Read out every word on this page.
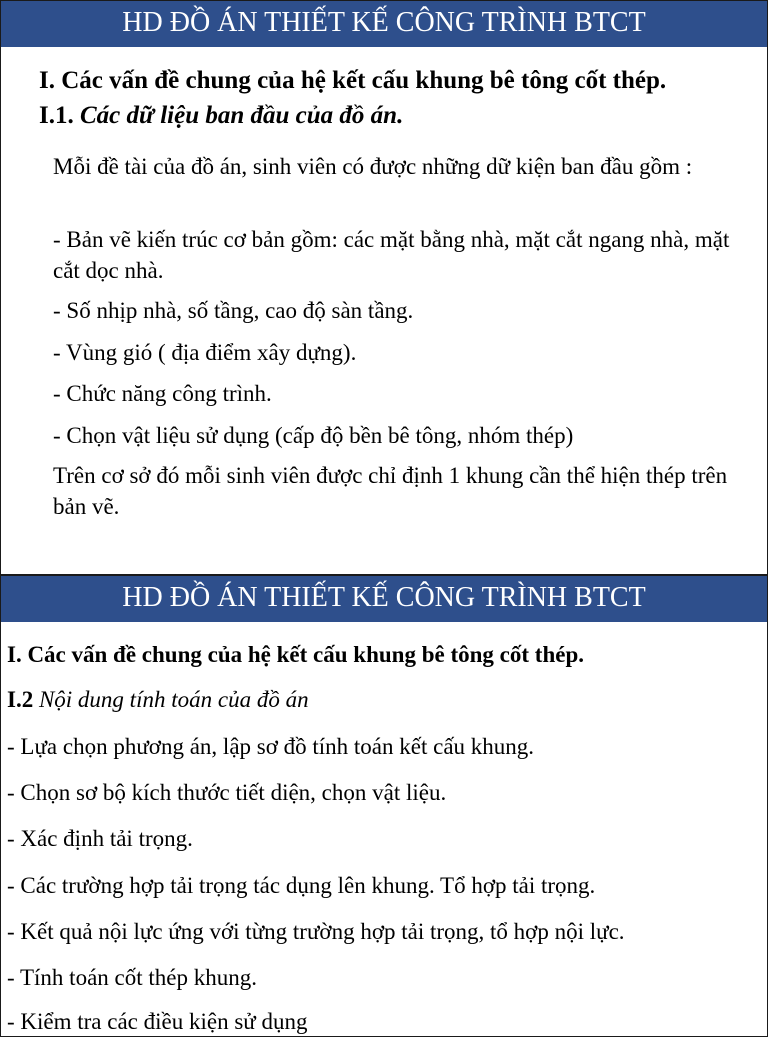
HD ĐỒ ÁN THIẾT KẾ CÔNG TRÌNH BTCT
I. Các vấn đề chung của hệ kết cấu khung bê tông cốt thép.
I.1. Các dữ liệu ban đầu của đồ án.
Mỗi đề tài của đồ án, sinh viên có được những dữ kiện ban đầu gồm :
- Bản vẽ kiến trúc cơ bản gồm: các mặt bằng nhà, mặt cắt ngang nhà, mặt cắt dọc nhà.
- Số nhịp nhà, số tầng, cao độ sàn tầng.
- Vùng gió ( địa điểm xây dựng).
- Chức năng công trình.
- Chọn vật liệu sử dụng (cấp độ bền bê tông, nhóm thép)
Trên cơ sở đó mỗi sinh viên được chỉ định 1 khung cần thể hiện thép trên bản vẽ.
HD ĐỒ ÁN THIẾT KẾ CÔNG TRÌNH BTCT
I. Các vấn đề chung của hệ kết cấu khung bê tông cốt thép.
I.2 Nội dung tính toán của đồ án
- Lựa chọn phương án, lập sơ đồ tính toán kết cấu khung.
- Chọn sơ bộ kích thước tiết diện, chọn vật liệu.
- Xác định tải trọng.
- Các trường hợp tải trọng tác dụng lên khung. Tổ hợp tải trọng.
- Kết quả nội lực ứng với từng trường hợp tải trọng, tổ hợp nội lực.
- Tính toán cốt thép khung.
- Kiểm tra các điều kiện sử dụng
